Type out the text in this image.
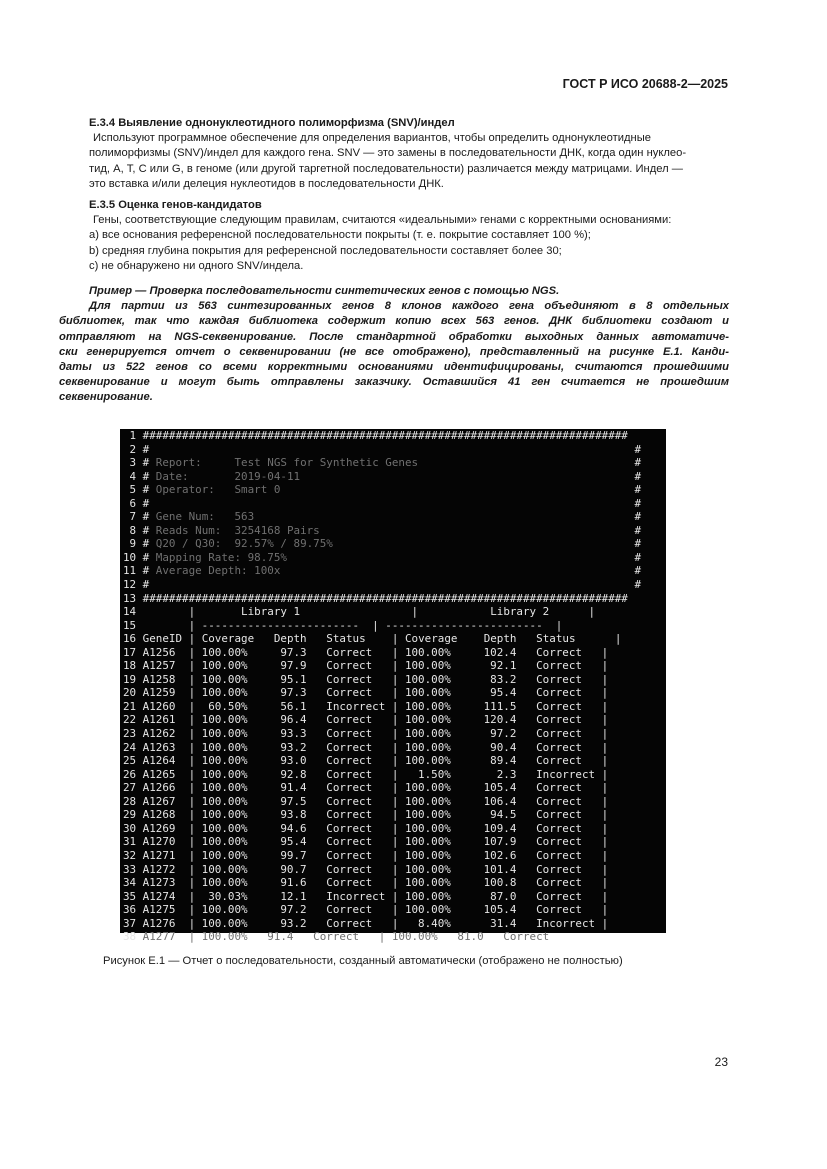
ГОСТ Р ИСО 20688-2—2025
Е.3.4 Выявление однонуклеотидного полиморфизма (SNV)/индел
Используют программное обеспечение для определения вариантов, чтобы определить однонуклеотидные
полиморфизмы (SNV)/индел для каждого гена. SNV — это замены в последовательности ДНК, когда один нуклео-
тид, А, Т, С или G, в геноме (или другой таргетной последовательности) различается между матрицами. Индел —
это вставка и/или делеция нуклеотидов в последовательности ДНК.
Е.3.5 Оценка генов-кандидатов
Гены, соответствующие следующим правилам, считаются «идеальными» генами с корректными основаниями:
а) все основания референсной последовательности покрыты (т. е. покрытие составляет 100 %);
b) средняя глубина покрытия для референсной последовательности составляет более 30;
с) не обнаружено ни одного SNV/индела.
Пример — Проверка последовательности синтетических генов с помощью NGS.
Для партии из 563 синтезированных генов 8 клонов каждого гена объединяют в 8 отдельных
библиотек, так что каждая библиотека содержит копию всех 563 генов. ДНК библиотеки создают и
отправляют на NGS-секвенирование. После стандартной обработки выходных данных автоматиче-
ски генерируется отчет о секвенировании (не все отображено), представленный на рисунке Е.1. Канди-
даты из 522 генов со всеми корректными основаниями идентифицированы, считаются прошедшими
секвенирование и могут быть отправлены заказчику. Оставшийся 41 ген считается не прошедшим
секвенирование.
1 ##########################################################################
2 #	#
3 # Report:	Test NGS for Synthetic Genes	#
4 # Date:	2019-04-11	#
5 # Operator: Smart 0	#
6 #	#
7 # Gene Num: 563	#
8 # Reads Num: 3254168 Pairs	#
9 # Q20 / Q30: 92.57% / 89.75%	#
10 # Mapping Rate: 98.75%	#
11 # Average Depth: 100x	#
12 #	#
13 ##########################################################################
14        |       Library 1                 |           Library 2	|
15	| ------------------------  | ------------------------  |
16 GeneID | Coverage Depth Status    | Coverage Depth Status	|
17 A1256  | 100.00%     97.3   Correct   | 100.00%     102.4   Correct   |
18 A1257  | 100.00%     97.9   Correct   | 100.00%      92.1   Correct   |
19 A1258  | 100.00%     95.1   Correct   | 100.00%      83.2   Correct   |
20 A1259  | 100.00%     97.3   Correct   | 100.00%      95.4   Correct   |
21 A1260  |  60.50%     56.1   Incorrect | 100.00%     111.5   Correct   |
22 A1261  | 100.00%     96.4   Correct   | 100.00%     120.4   Correct   |
23 A1262  | 100.00%     93.3   Correct   | 100.00%      97.2   Correct   |
24 A1263  | 100.00%     93.2   Correct   | 100.00%      90.4   Correct   |
25 A1264  | 100.00%     93.0   Correct   | 100.00%      89.4   Correct   |
26 A1265  | 100.00%     92.8   Correct   |   1.50%       2.3   Incorrect |
27 A1266  | 100.00%     91.4   Correct   | 100.00%     105.4   Correct   |
28 A1267  | 100.00%     97.5   Correct   | 100.00%     106.4   Correct   |
29 A1268  | 100.00%     93.8   Correct   | 100.00%      94.5   Correct   |
30 A1269  | 100.00%     94.6   Correct   | 100.00%     109.4   Correct   |
31 A1270  | 100.00%     95.4   Correct   | 100.00%     107.9   Correct   |
32 A1271  | 100.00%     99.7   Correct   | 100.00%     102.6   Correct   |
33 A1272  | 100.00%     90.7   Correct   | 100.00%     101.4   Correct   |
34 A1273  | 100.00%     91.6   Correct   | 100.00%     100.8   Correct   |
35 A1274  |  30.03%     12.1   Incorrect | 100.00%      87.0   Correct   |
36 A1275  | 100.00%     97.2   Correct   | 100.00%     105.4   Correct   |
37 A1276  | 100.00%     93.2   Correct   |   8.40%      31.4   Incorrect |
38 A1277  | 100.00%   91.4   Correct   | 100.00%   81.0   Correct
Рисунок Е.1 — Отчет о последовательности, созданный автоматически (отображено не полностью)
23
